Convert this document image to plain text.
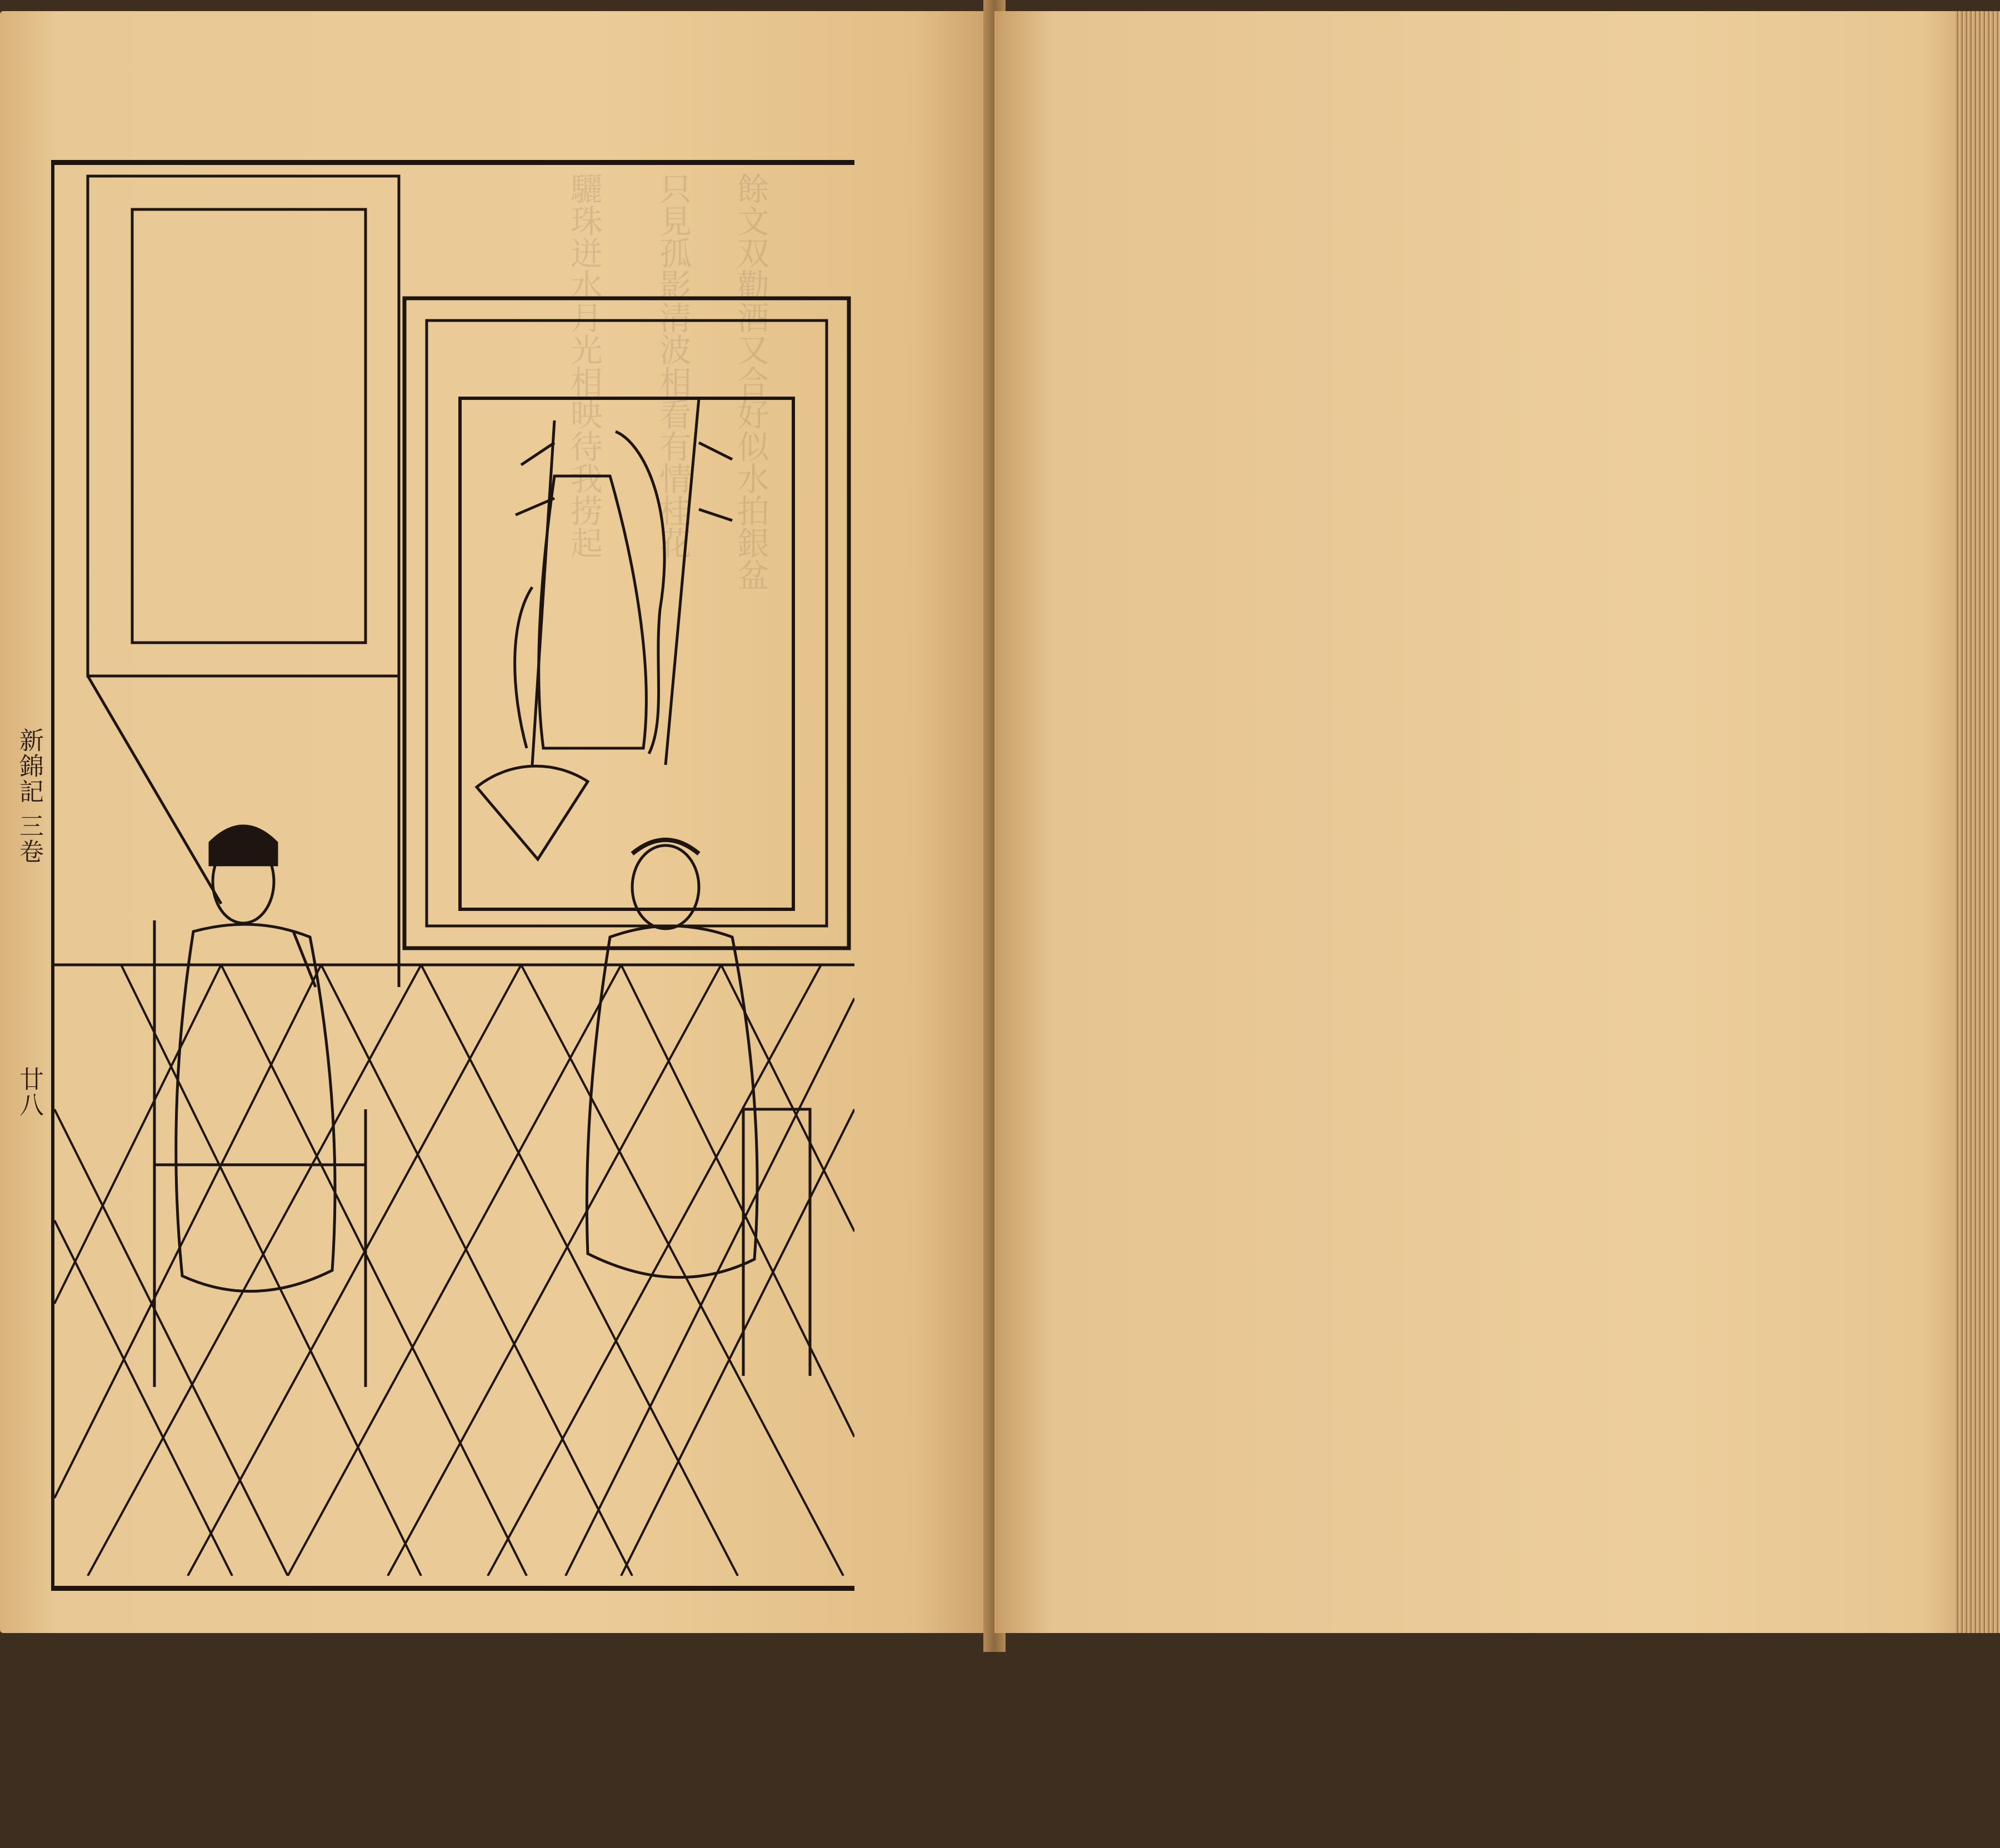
餘文双勸酒又合好似水拍銀盆
只見孤影清波相看有情桂花
驪珠迸水月光相映待我捞起
新錦記 三卷
廿八
